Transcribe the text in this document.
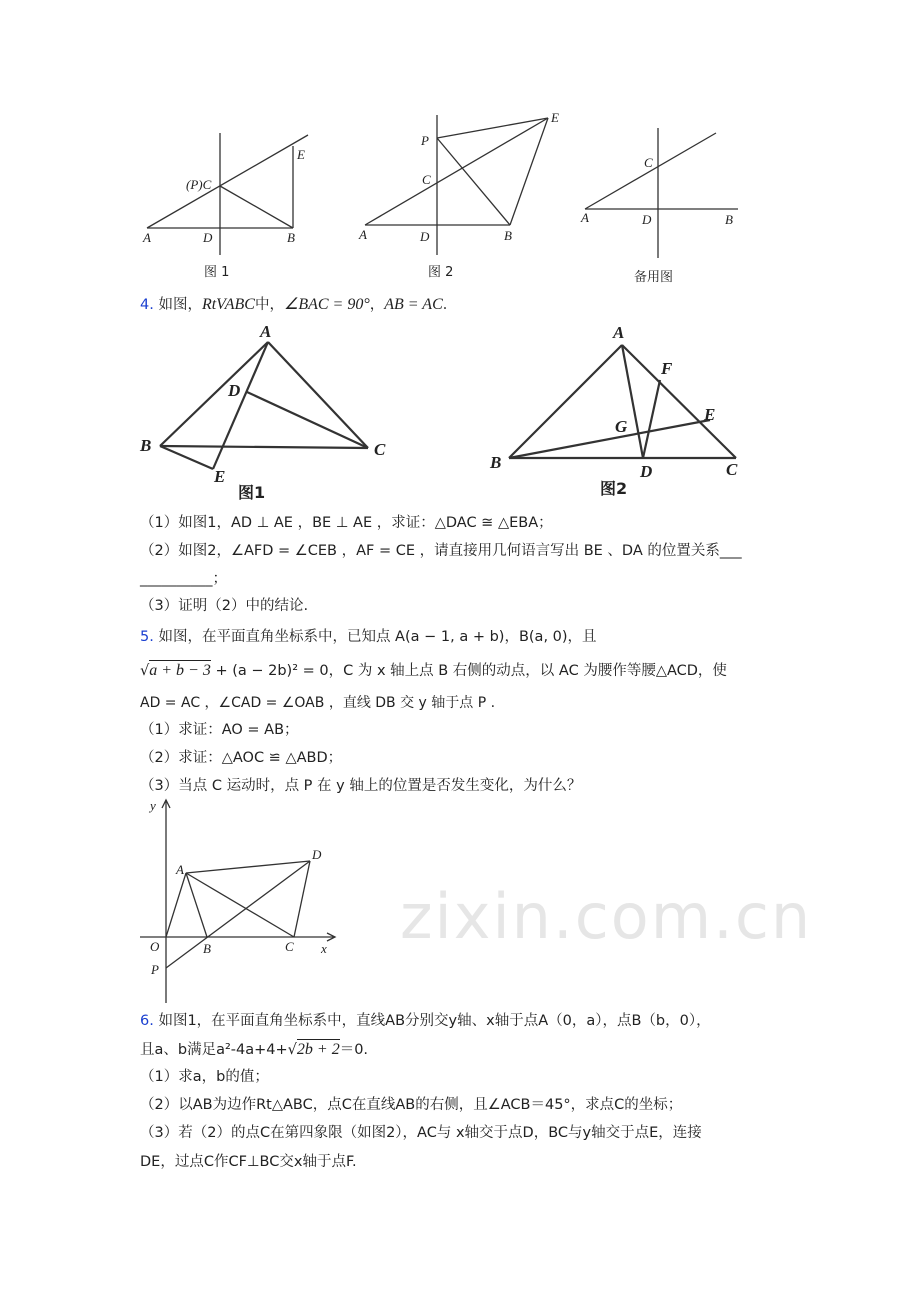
zixin.com.cn
A	D	B
(P)C
E
图 1
P
C
A	D	B
E
图 2
C
A	D	B
备用图
A
D
B	C
E
图1
A
F
E
G
B	D	C
图2
y
A
D
O	B	C x
P
4. 如图，RtVABC中，∠BAC = 90°，AB = AC．
（1）如图1，AD ⊥ AE ，BE ⊥ AE ，求证：△DAC ≅ △EBA；
（2）如图2，∠AFD = ∠CEB ，AF = CE ，请直接用几何语言写出 BE 、DA 的位置关系___
__________；
（3）证明（2）中的结论.
5. 如图，在平面直角坐标系中，已知点 A(a − 1, a + b)，B(a, 0)，且
√a + b − 3 + (a − 2b)² = 0，C 为 x 轴上点 B 右侧的动点，以 AC 为腰作等腰△ACD，使
AD = AC ，∠CAD = ∠OAB ，直线 DB 交 y 轴于点 P .
（1）求证：AO = AB；
（2）求证：△AOC ≌ △ABD；
（3）当点 C 运动时，点 P 在 y 轴上的位置是否发生变化，为什么？
6. 如图1，在平面直角坐标系中，直线AB分别交y轴、x轴于点A（0，a），点B（b，0），
且a、b满足a²-4a+4+√2b + 2＝0.
（1）求a，b的值；
（2）以AB为边作Rt△ABC，点C在直线AB的右侧，且∠ACB＝45°，求点C的坐标；
（3）若（2）的点C在第四象限（如图2），AC与 x轴交于点D，BC与y轴交于点E，连接
DE，过点C作CF⊥BC交x轴于点F.
